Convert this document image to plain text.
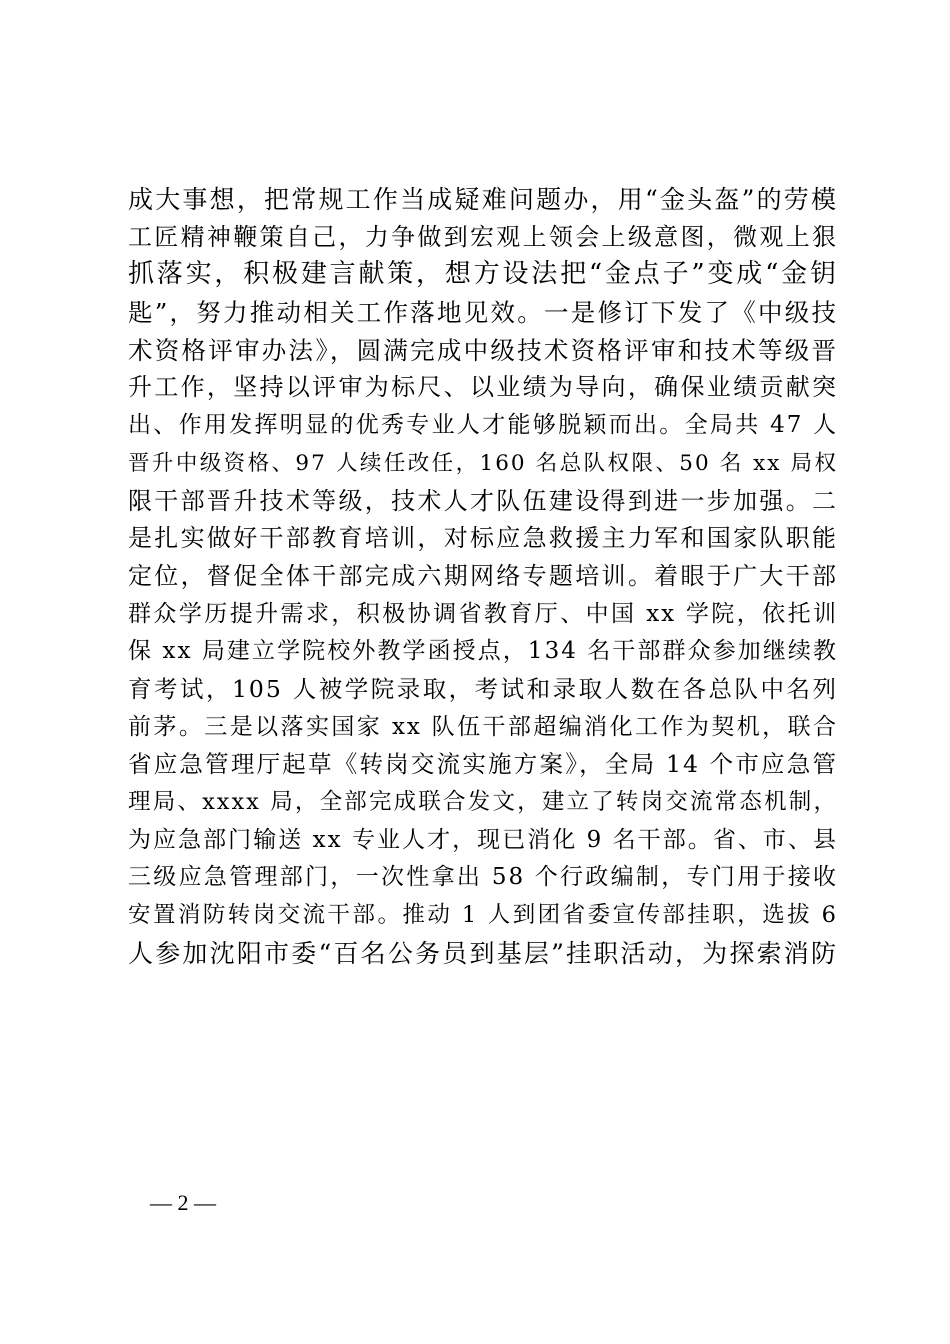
成大事想，把常规工作当成疑难问题办，用“金头盔”的劳模
工匠精神鞭策自己，力争做到宏观上领会上级意图，微观上狠
抓落实，积极建言献策，想方设法把“金点子”变成“金钥
匙”，努力推动相关工作落地见效。一是修订下发了《中级技
术资格评审办法》，圆满完成中级技术资格评审和技术等级晋
升工作，坚持以评审为标尺、以业绩为导向，确保业绩贡献突
出、作用发挥明显的优秀专业人才能够脱颖而出。全局共 47 人
晋升中级资格、97 人续任改任，160 名总队权限、50 名 xx 局权
限干部晋升技术等级，技术人才队伍建设得到进一步加强。二
是扎实做好干部教育培训，对标应急救援主力军和国家队职能
定位，督促全体干部完成六期网络专题培训。着眼于广大干部
群众学历提升需求，积极协调省教育厅、中国 xx 学院，依托训
保 xx 局建立学院校外教学函授点，134 名干部群众参加继续教
育考试，105 人被学院录取，考试和录取人数在各总队中名列
前茅。三是以落实国家 xx 队伍干部超编消化工作为契机，联合
省应急管理厅起草《转岗交流实施方案》，全局 14 个市应急管
理局、xxxx 局，全部完成联合发文，建立了转岗交流常态机制，
为应急部门输送 xx 专业人才，现已消化 9 名干部。省、市、县
三级应急管理部门，一次性拿出 58 个行政编制，专门用于接收
安置消防转岗交流干部。推动 1 人到团省委宣传部挂职，选拔 6
人参加沈阳市委“百名公务员到基层”挂职活动，为探索消防
— 2 —
